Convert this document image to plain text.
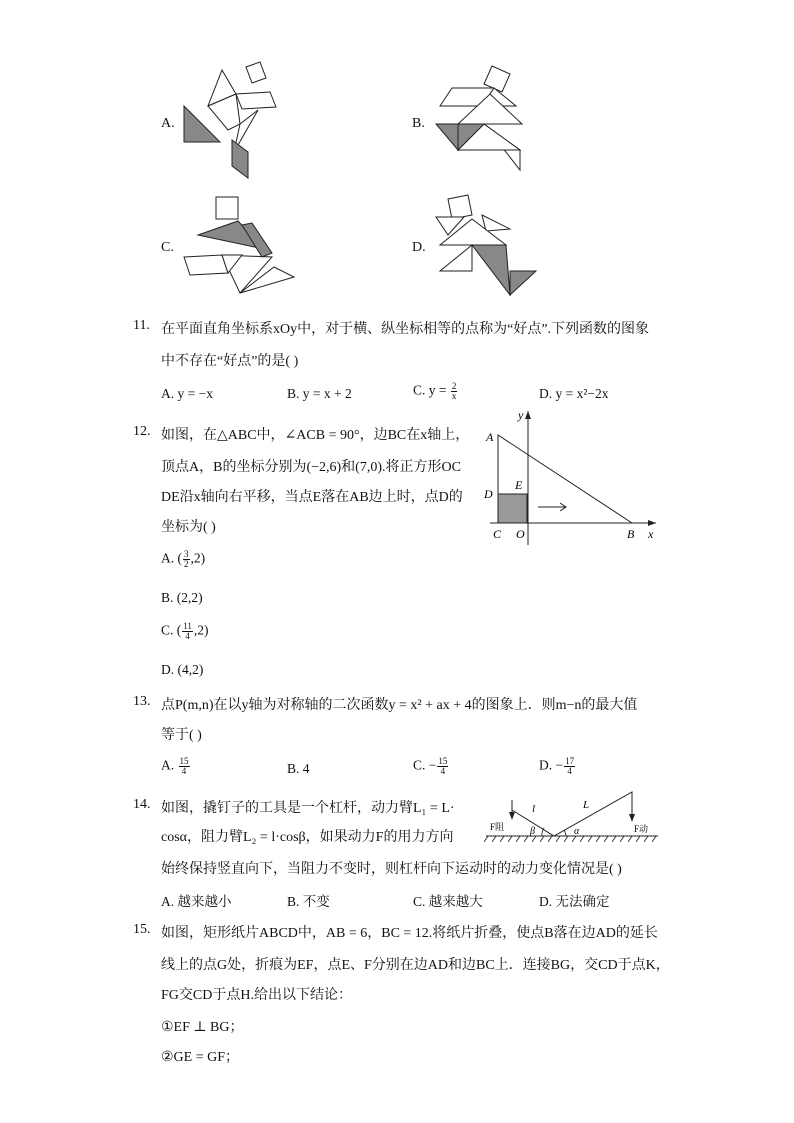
A.	B.
C.	D.
11. 在平面直角坐标系xOy中，对于横、纵坐标相等的点称为“好点”.下列函数的图象
中不存在“好点”的是( )
A. y = −x	B. y = x + 2	C. $y = \frac{2}{x}$	D. y = x²−2x
12. 如图，在△ABC中，∠ACB = 90°，边BC在x轴上，
顶点A，B的坐标分别为(−2,6)和(7,0).将正方形OC
DE沿x轴向右平移，当点E落在AB边上时，点D的
坐标为( )
y
x
A
B
C O
D
E
A. ( $\frac{3}{2} ,2$)
B. (2,2)
C. ( $\frac{11}{4} ,2$)
D. (4,2)
13. 点P(m,n)在以y轴为对称轴的二次函数y = x² + ax + 4的图象上．则m−n的最大值
等于( )
A. $\frac{15}{4}$	B. 4	C. − $\frac{15}{4}$	D. − $\frac{17}{4}$
14. 如图，撬钉子的工具是一个杠杆，动力臂L₁ = L·
cosα，阻力臂L₂ = l·cosβ，如果动力F的用力方向
始终保持竖直向下，当阻力不变时，则杠杆向下运动时的动力变化情况是( )
l	L
β	α
F阻	F动
A. 越来越小	B. 不变	C. 越来越大	D. 无法确定
15. 如图，矩形纸片ABCD中，AB = 6，BC = 12.将纸片折叠，使点B落在边AD的延长
线上的点G处，折痕为EF，点E、F分别在边AD和边BC上．连接BG，交CD于点K，
FG交CD于点H.给出以下结论：
①EF ⊥ BG；
②GE = GF；
